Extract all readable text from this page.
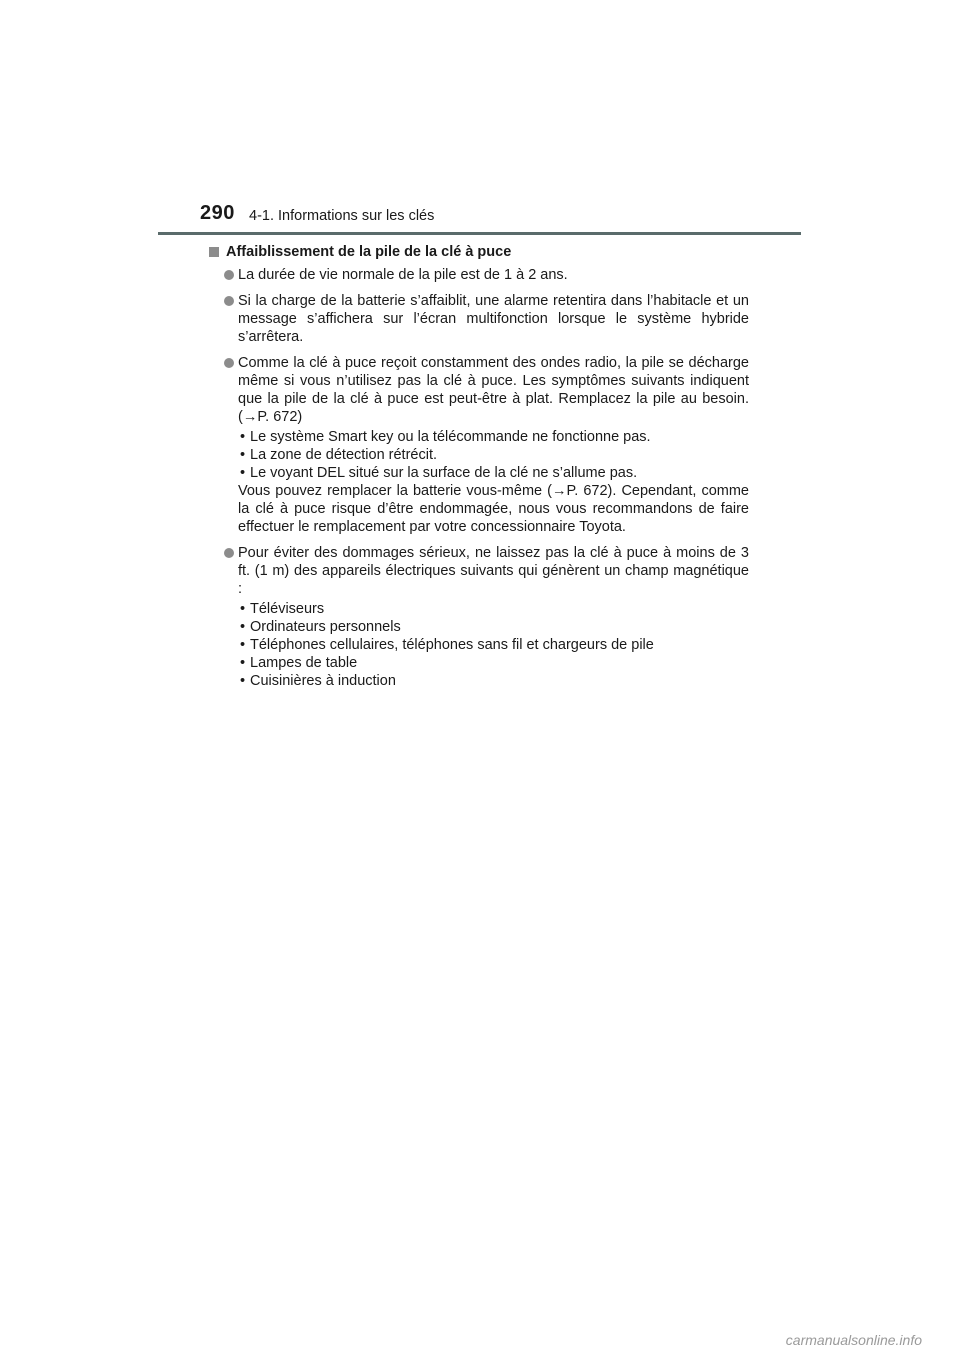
290 4-1. Informations sur les clés
Affaiblissement de la pile de la clé à puce
La durée de vie normale de la pile est de 1 à 2 ans.
Si la charge de la batterie s’affaiblit, une alarme retentira dans l’habitacle et un message s’affichera sur l’écran multifonction lorsque le système hybride s’arrêtera.
Comme la clé à puce reçoit constamment des ondes radio, la pile se décharge même si vous n’utilisez pas la clé à puce. Les symptômes suivants indiquent que la pile de la clé à puce est peut-être à plat. Remplacez la pile au besoin. (→P. 672)
• Le système Smart key ou la télécommande ne fonctionne pas.
• La zone de détection rétrécit.
• Le voyant DEL situé sur la surface de la clé ne s’allume pas.

Vous pouvez remplacer la batterie vous-même (→P. 672). Cependant, comme la clé à puce risque d’être endommagée, nous vous recommandons de faire effectuer le remplacement par votre concessionnaire Toyota.

Pour éviter des dommages sérieux, ne laissez pas la clé à puce à moins de 3 ft. (1 m) des appareils électriques suivants qui génèrent un champ magnétique :
• Téléviseurs
• Ordinateurs personnels
• Téléphones cellulaires, téléphones sans fil et chargeurs de pile
• Lampes de table
• Cuisinières à induction
carmanualsonline.info
